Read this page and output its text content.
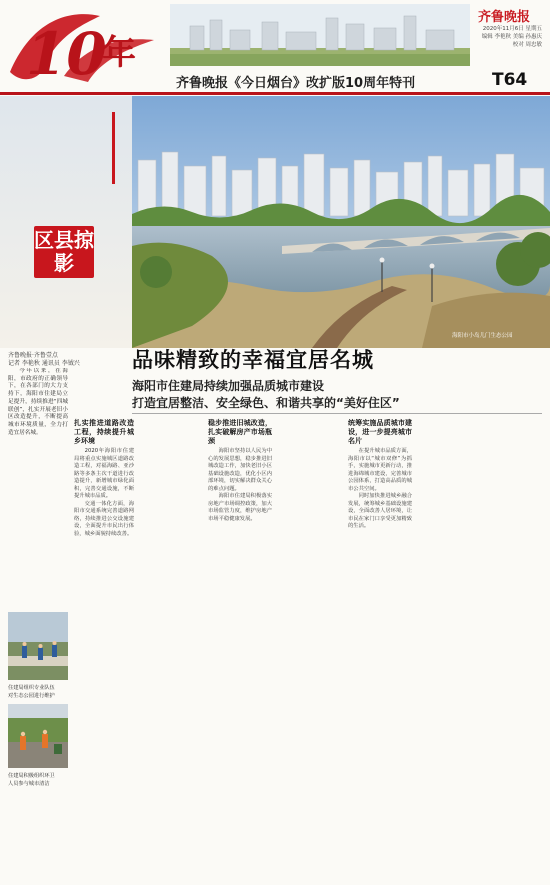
10
年
齐鲁晚报
2020年11月6日 星期五
编辑 李艳秋 美编 孙惠庆
校对 周忠敏
齐鲁晚报《今日烟台》改扩版10周年特刊	T64
区县掠影
海阳市小岛儿门生态公园
齐鲁晚报·齐鲁壹点
记者 李艳秋 通讯员 李钺兴 品味精致的幸福宜居名城
海阳市住建局持续加强品质城市建设
打造宜居整洁、安全绿色、和谐共享的“美好住区”

今年以来，在海阳，市政府的正确领导下，在各部门的大力支持下，海阳市住建局立足提升，持续推进“四城联创”，扎实开展老旧小区改造提升，不断提高城市环境质量，全力打造宜居名城。

扎实推进道路改造工程，持续提升城乡环境

2020年海阳市住建局将重点实施城区道路改造工程，对福海路、亚沙路等多条主次干道进行改造提升，新增城市绿化面积，完善交通设施，不断提升城市品质。

交通一体化方面，海阳市交通系统完善道路网络，持续推进公交设施建设，全面提升市民出行体验，城乡面貌持续改善。

稳步推进旧城改造，扎实破解房产市场瓶颈

海阳市坚持以人民为中心的发展思想，稳步推进旧城改造工作，加快老旧小区基础设施改造，优化小区内部环境，切实解决群众关心的难点问题。

海阳市住建局积极落实房地产市场调控政策，加大市场监管力度，维护房地产市场平稳健康发展。

统筹实施品质城市建设，进一步提亮城市名片

在提升城市品质方面，海阳市以“城市双修”为抓手，实施城市更新行动，推进海绵城市建设，完善城市公园体系，打造高品质的城市公共空间。

同时加快推进城乡融合发展，统筹城乡基础设施建设，全面改善人居环境，让市民在家门口享受更加精致的生活。

住建局组织专业队伍
对生态公园进行维护
住建局积极组织环卫
人员参与城市清洁
